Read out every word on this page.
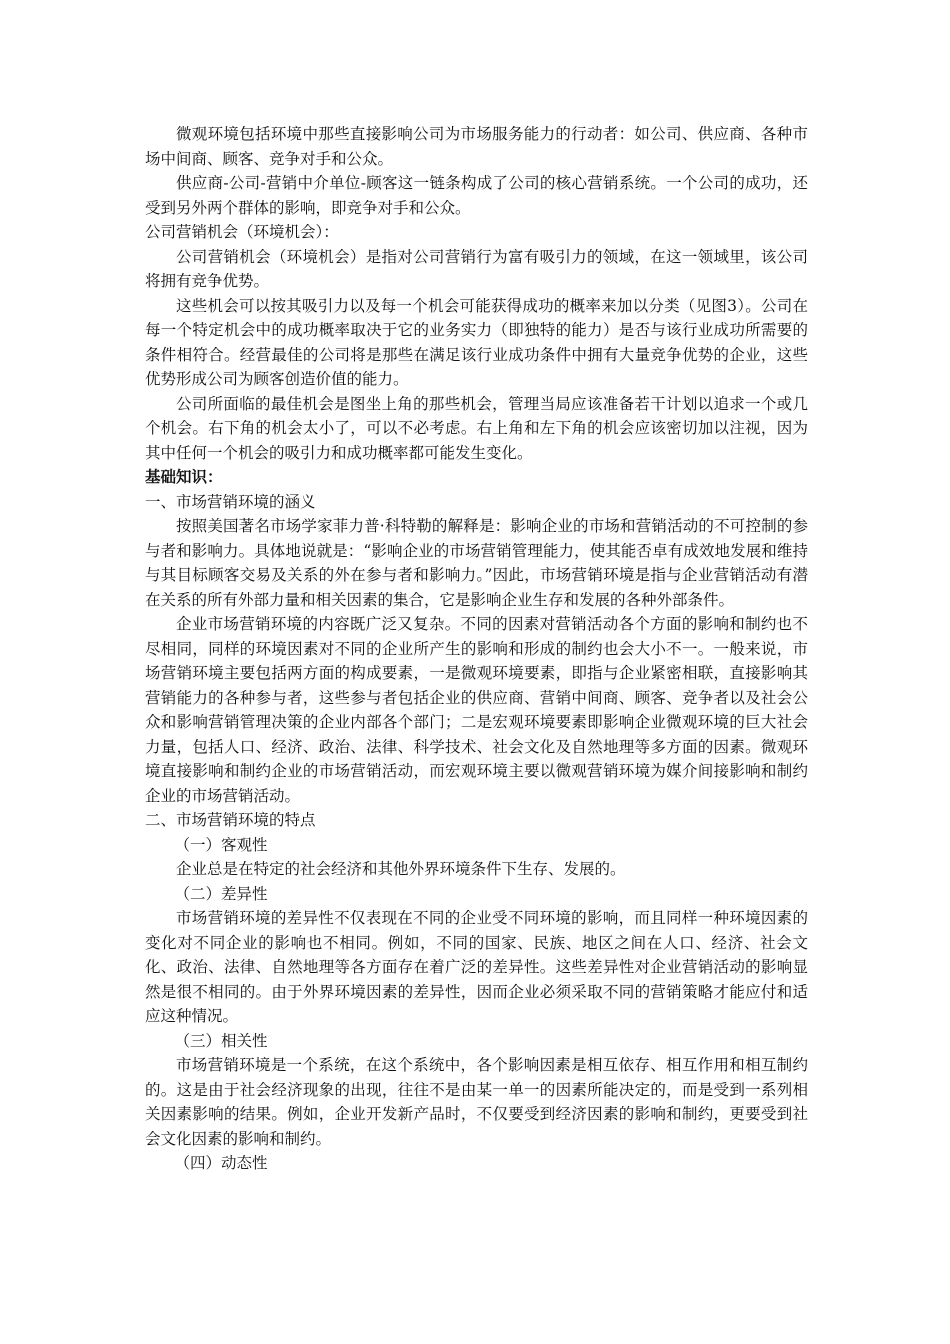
微观环境包括环境中那些直接影响公司为市场服务能力的行动者：如公司、供应商、各种市场中间商、顾客、竞争对手和公众。

供应商-公司-营销中介单位-顾客这一链条构成了公司的核心营销系统。一个公司的成功，还受到另外两个群体的影响，即竞争对手和公众。

公司营销机会（环境机会）：

公司营销机会（环境机会）是指对公司营销行为富有吸引力的领域，在这一领域里，该公司将拥有竞争优势。

这些机会可以按其吸引力以及每一个机会可能获得成功的概率来加以分类（见图3）。公司在每一个特定机会中的成功概率取决于它的业务实力（即独特的能力）是否与该行业成功所需要的条件相符合。经营最佳的公司将是那些在满足该行业成功条件中拥有大量竞争优势的企业，这些优势形成公司为顾客创造价值的能力。

公司所面临的最佳机会是图坐上角的那些机会，管理当局应该准备若干计划以追求一个或几个机会。右下角的机会太小了，可以不必考虑。右上角和左下角的机会应该密切加以注视，因为其中任何一个机会的吸引力和成功概率都可能发生变化。

基础知识：

一、市场营销环境的涵义

按照美国著名市场学家菲力普·科特勒的解释是：影响企业的市场和营销活动的不可控制的参与者和影响力。具体地说就是：“影响企业的市场营销管理能力，使其能否卓有成效地发展和维持与其目标顾客交易及关系的外在参与者和影响力。”因此，市场营销环境是指与企业营销活动有潜在关系的所有外部力量和相关因素的集合，它是影响企业生存和发展的各种外部条件。

企业市场营销环境的内容既广泛又复杂。不同的因素对营销活动各个方面的影响和制约也不尽相同，同样的环境因素对不同的企业所产生的影响和形成的制约也会大小不一。一般来说，市场营销环境主要包括两方面的构成要素，一是微观环境要素，即指与企业紧密相联，直接影响其营销能力的各种参与者，这些参与者包括企业的供应商、营销中间商、顾客、竞争者以及社会公众和影响营销管理决策的企业内部各个部门；二是宏观环境要素即影响企业微观环境的巨大社会力量，包括人口、经济、政治、法律、科学技术、社会文化及自然地理等多方面的因素。微观环境直接影响和制约企业的市场营销活动，而宏观环境主要以微观营销环境为媒介间接影响和制约企业的市场营销活动。

二、市场营销环境的特点

（一）客观性

企业总是在特定的社会经济和其他外界环境条件下生存、发展的。

（二）差异性

市场营销环境的差异性不仅表现在不同的企业受不同环境的影响，而且同样一种环境因素的变化对不同企业的影响也不相同。例如，不同的国家、民族、地区之间在人口、经济、社会文化、政治、法律、自然地理等各方面存在着广泛的差异性。这些差异性对企业营销活动的影响显然是很不相同的。由于外界环境因素的差异性，因而企业必须采取不同的营销策略才能应付和适应这种情况。

（三）相关性

市场营销环境是一个系统，在这个系统中，各个影响因素是相互依存、相互作用和相互制约的。这是由于社会经济现象的出现，往往不是由某一单一的因素所能决定的，而是受到一系列相关因素影响的结果。例如，企业开发新产品时，不仅要受到经济因素的影响和制约，更要受到社会文化因素的影响和制约。

（四）动态性
